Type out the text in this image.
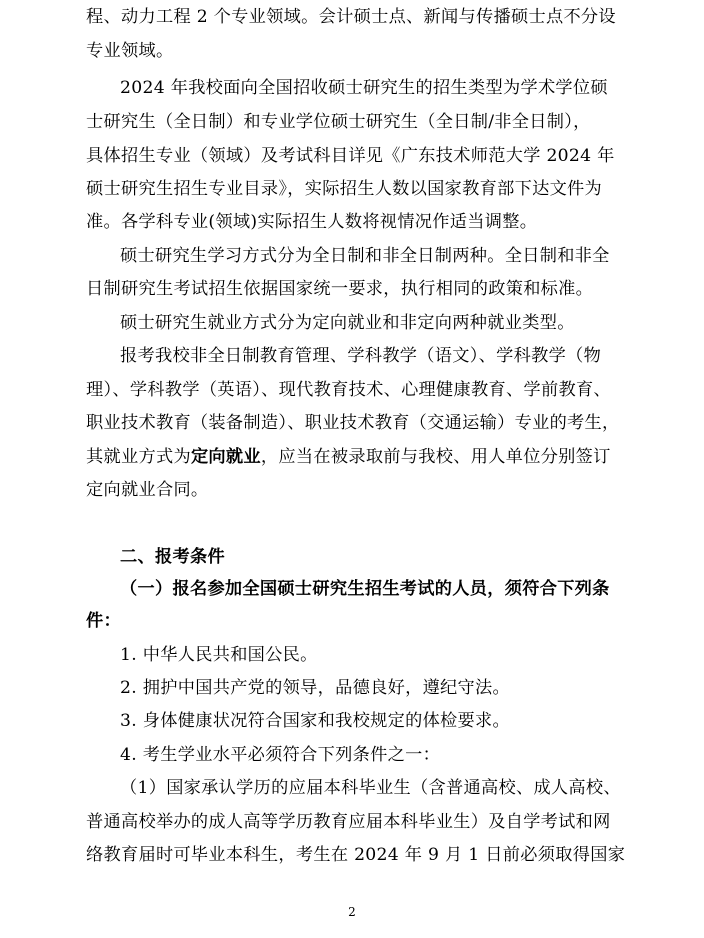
程、动力工程 2 个专业领域。会计硕士点、新闻与传播硕士点不分设
专业领域。
2024 年我校面向全国招收硕士研究生的招生类型为学术学位硕
士研究生（全日制）和专业学位硕士研究生（全日制/非全日制），
具体招生专业（领域）及考试科目详见《广东技术师范大学 2024 年
硕士研究生招生专业目录》，实际招生人数以国家教育部下达文件为
准。各学科专业(领域)实际招生人数将视情况作适当调整。
硕士研究生学习方式分为全日制和非全日制两种。全日制和非全
日制研究生考试招生依据国家统一要求，执行相同的政策和标准。
硕士研究生就业方式分为定向就业和非定向两种就业类型。
报考我校非全日制教育管理、学科教学（语文）、学科教学（物
理）、学科教学（英语）、现代教育技术、心理健康教育、学前教育、
职业技术教育（装备制造）、职业技术教育（交通运输）专业的考生，
其就业方式为定向就业，应当在被录取前与我校、用人单位分别签订
定向就业合同。
二、报考条件
（一）报名参加全国硕士研究生招生考试的人员，须符合下列条
件：
1. 中华人民共和国公民。
2. 拥护中国共产党的领导，品德良好，遵纪守法。
3. 身体健康状况符合国家和我校规定的体检要求。
4. 考生学业水平必须符合下列条件之一：
（1）国家承认学历的应届本科毕业生（含普通高校、成人高校、
普通高校举办的成人高等学历教育应届本科毕业生）及自学考试和网
络教育届时可毕业本科生，考生在 2024 年 9 月 1 日前必须取得国家
2
